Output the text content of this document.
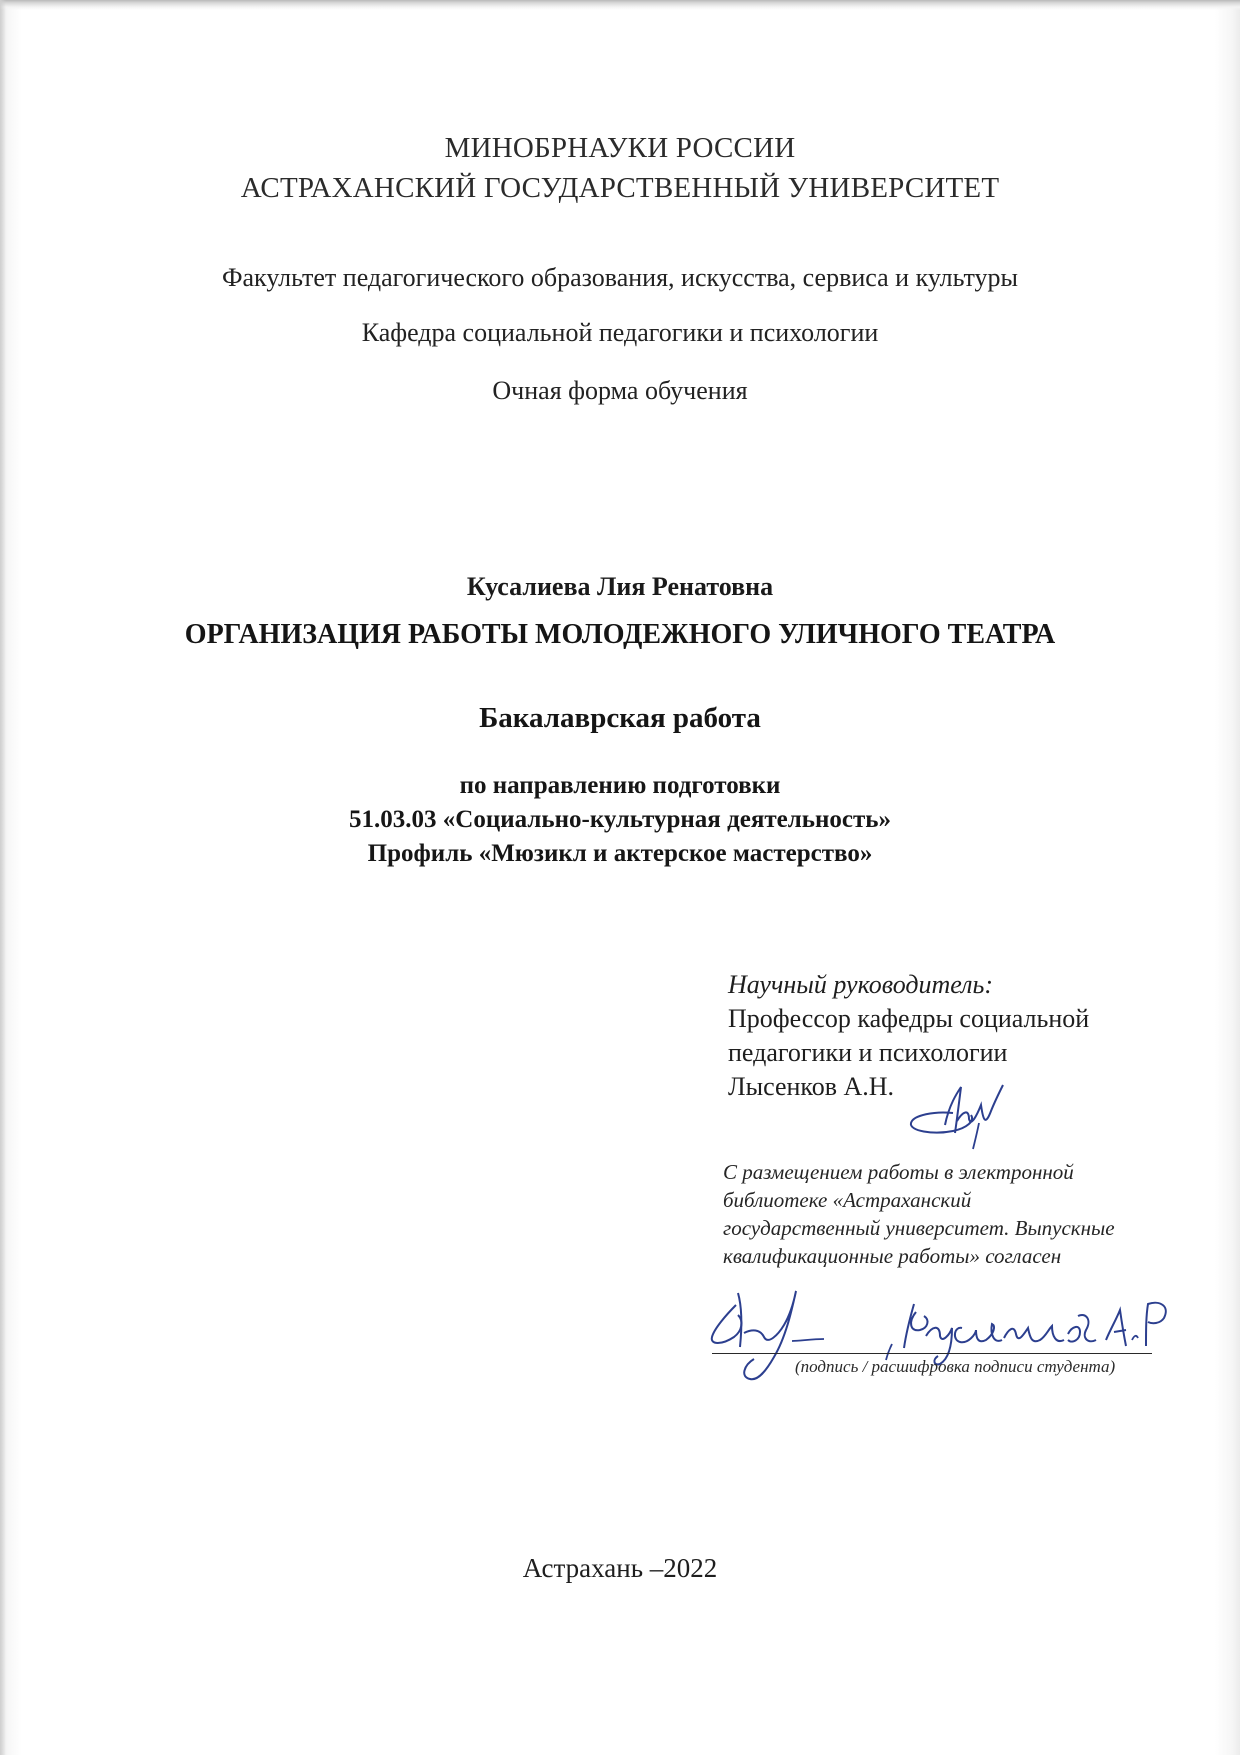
МИНОБРНАУКИ РОССИИ
АСТРАХАНСКИЙ ГОСУДАРСТВЕННЫЙ УНИВЕРСИТЕТ
Факультет педагогического образования, искусства, сервиса и культуры
Кафедра социальной педагогики и психологии
Очная форма обучения
Кусалиева Лия Ренатовна
ОРГАНИЗАЦИЯ РАБОТЫ МОЛОДЕЖНОГО УЛИЧНОГО ТЕАТРА
Бакалаврская работа
по направлению подготовки
51.03.03 «Социально-культурная деятельность»
Профиль «Мюзикл и актерское мастерство»
Научный руководитель:
Профессор кафедры социальной
педагогики и психологии
Лысенков А.Н.
С размещением работы в электронной
библиотеке «Астраханский
государственный университет. Выпускные
квалификационные работы» согласен
(подпись / расшифровка подписи студента)
Астрахань –2022
